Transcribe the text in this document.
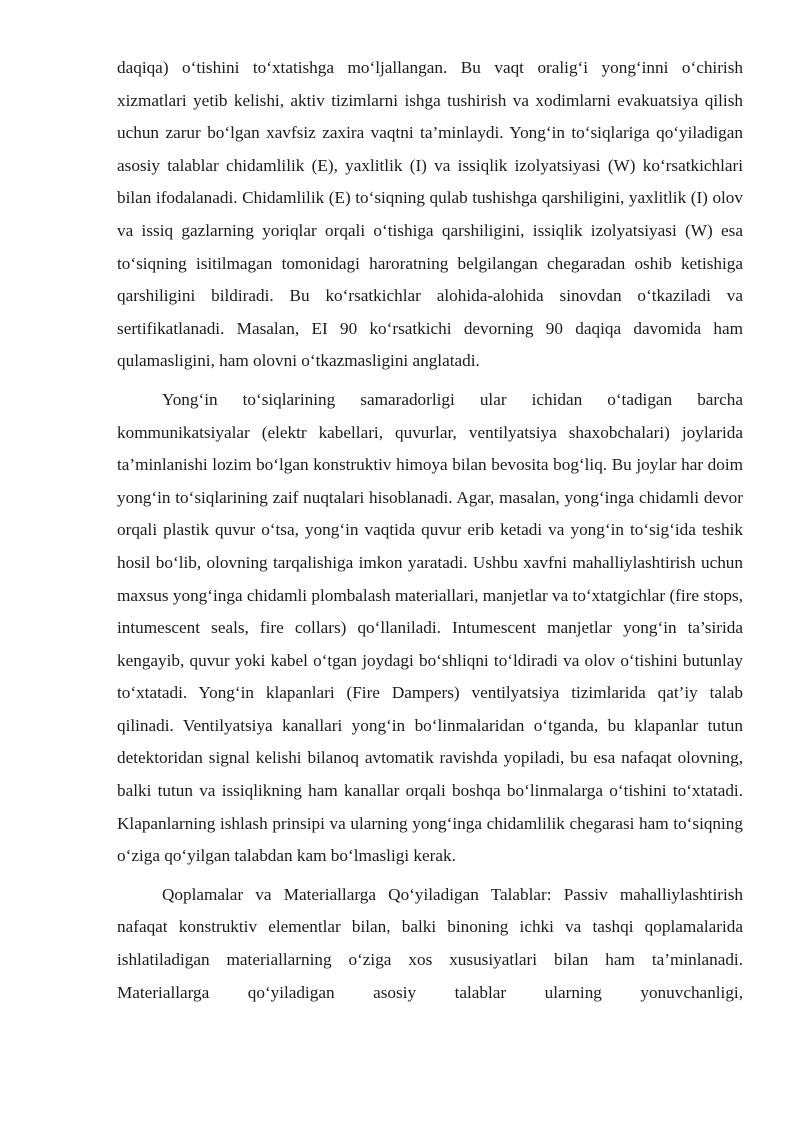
daqiqa) o‘tishini to‘xtatishga mo‘ljallangan. Bu vaqt oralig‘i yong‘inni o‘chirish xizmatlari yetib kelishi, aktiv tizimlarni ishga tushirish va xodimlarni evakuatsiya qilish uchun zarur bo‘lgan xavfsiz zaxira vaqtni ta’minlaydi. Yong‘in to‘siqlariga qo‘yiladigan asosiy talablar chidamlilik (E), yaxlitlik (I) va issiqlik izolyatsiyasi (W) ko‘rsatkichlari bilan ifodalanadi. Chidamlilik (E) to‘siqning qulab tushishga qarshiligini, yaxlitlik (I) olov va issiq gazlarning yoriqlar orqali o‘tishiga qarshiligini, issiqlik izolyatsiyasi (W) esa to‘siqning isitilmagan tomonidagi haroratning belgilangan chegaradan oshib ketishiga qarshiligini bildiradi. Bu ko‘rsatkichlar alohida-alohida sinovdan o‘tkaziladi va sertifikatlanadi. Masalan, EI 90 ko‘rsatkichi devorning 90 daqiqa davomida ham qulamasligini, ham olovni o‘tkazmasligini anglatadi.

Yong‘in to‘siqlarining samaradorligi ular ichidan o‘tadigan barcha kommunikatsiyalar (elektr kabellari, quvurlar, ventilyatsiya shaxobchalari) joylarida ta’minlanishi lozim bo‘lgan konstruktiv himoya bilan bevosita bog‘liq. Bu joylar har doim yong‘in to‘siqlarining zaif nuqtalari hisoblanadi. Agar, masalan, yong‘inga chidamli devor orqali plastik quvur o‘tsa, yong‘in vaqtida quvur erib ketadi va yong‘in to‘sig‘ida teshik hosil bo‘lib, olovning tarqalishiga imkon yaratadi. Ushbu xavfni mahalliylashtirish uchun maxsus yong‘inga chidamli plombalash materiallari, manjetlar va to‘xtatgichlar (fire stops, intumescent seals, fire collars) qo‘llaniladi. Intumescent manjetlar yong‘in ta’sirida kengayib, quvur yoki kabel o‘tgan joydagi bo‘shliqni to‘ldiradi va olov o‘tishini butunlay to‘xtatadi. Yong‘in klapanlari (Fire Dampers) ventilyatsiya tizimlarida qat’iy talab qilinadi. Ventilyatsiya kanallari yong‘in bo‘linmalaridan o‘tganda, bu klapanlar tutun detektoridan signal kelishi bilanoq avtomatik ravishda yopiladi, bu esa nafaqat olovning, balki tutun va issiqlikning ham kanallar orqali boshqa bo‘linmalarga o‘tishini to‘xtatadi. Klapanlarning ishlash prinsipi va ularning yong‘inga chidamlilik chegarasi ham to‘siqning o‘ziga qo‘yilgan talabdan kam bo‘lmasligi kerak.

Qoplamalar va Materiallarga Qo‘yiladigan Talablar: Passiv mahalliylashtirish nafaqat konstruktiv elementlar bilan, balki binoning ichki va tashqi qoplamalarida ishlatiladigan materiallarning o‘ziga xos xususiyatlari bilan ham ta’minlanadi. Materiallarga qo‘yiladigan asosiy talablar ularning yonuvchanligi,
